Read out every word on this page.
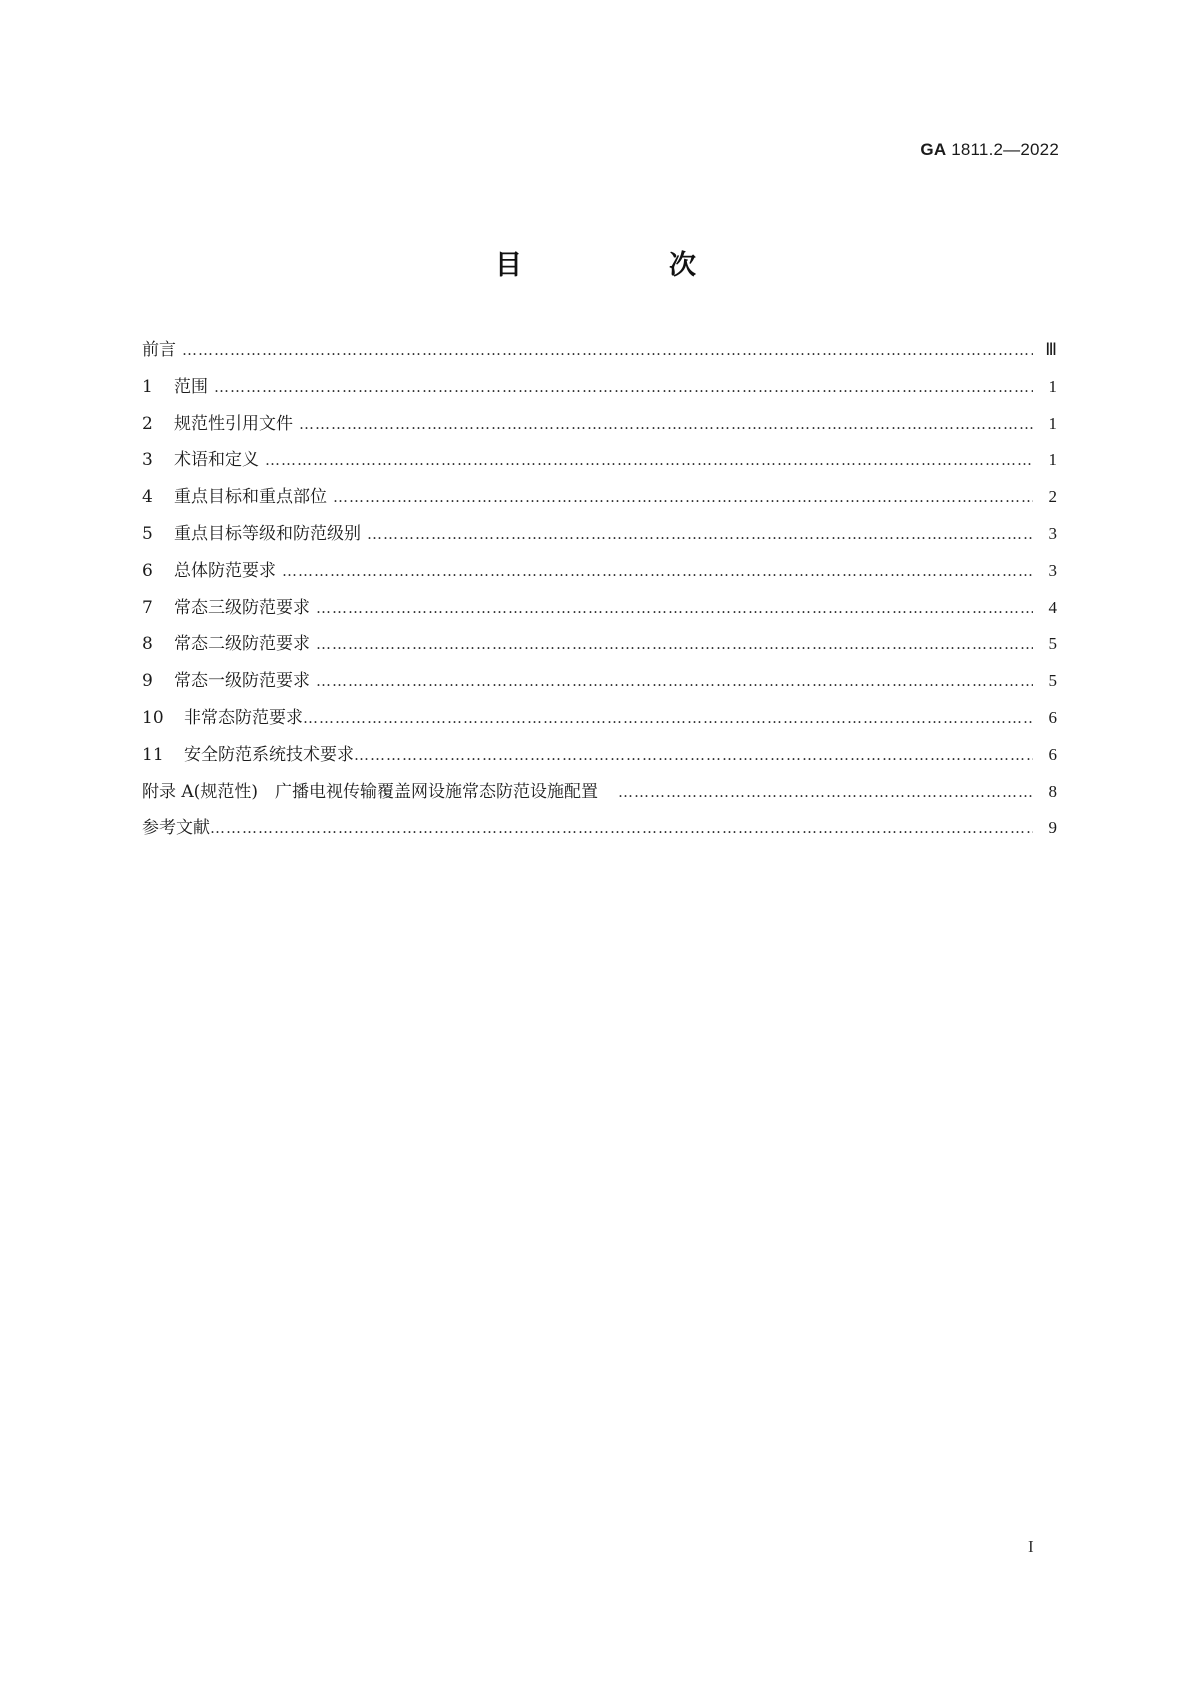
GA 1811.2—2022
目　次
前言 ……………………………………………………………………………………………………………………………………………………………………………………………………………………………………………………………………	Ⅲ
1	范围 ……………………………………………………………………………………………………………………………………………………………………………………………………………………………………………………………………	1
2	规范性引用文件 ……………………………………………………………………………………………………………………………………………………………………………………………………………………………………………………………………	1
3	术语和定义 ……………………………………………………………………………………………………………………………………………………………………………………………………………………………………………………………………	1
4	重点目标和重点部位 ……………………………………………………………………………………………………………………………………………………………………………………………………………………………………………………………………	2
5	重点目标等级和防范级别 ……………………………………………………………………………………………………………………………………………………………………………………………………………………………………………………………………	3
6	总体防范要求 ……………………………………………………………………………………………………………………………………………………………………………………………………………………………………………………………………	3
7	常态三级防范要求 ……………………………………………………………………………………………………………………………………………………………………………………………………………………………………………………………………	4
8	常态二级防范要求 ……………………………………………………………………………………………………………………………………………………………………………………………………………………………………………………………………	5
9	常态一级防范要求 ……………………………………………………………………………………………………………………………………………………………………………………………………………………………………………………………………	5
10	非常态防范要求 ……………………………………………………………………………………………………………………………………………………………………………………………………………………………………………………………………	6
11	安全防范系统技术要求 ……………………………………………………………………………………………………………………………………………………………………………………………………………………………………………………………………	6
附录 A(规范性)　广播电视传输覆盖网设施常态防范设施配置 ……………………………………………………………………………………………………………………………………………………………………………………………………………………………………………………………………	8
参考文献 ……………………………………………………………………………………………………………………………………………………………………………………………………………………………………………………………………	9
I
